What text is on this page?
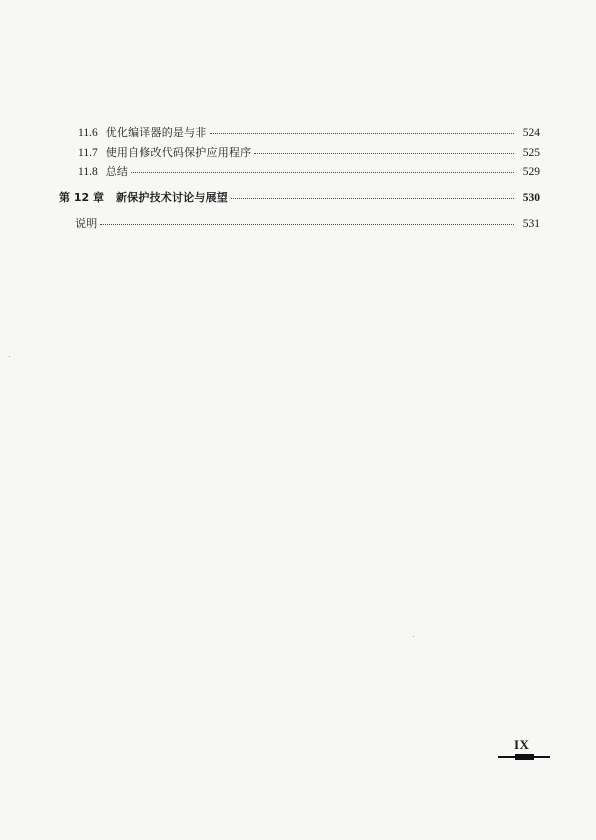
11.6 优化编译器的是与非	524
11.7 使用自修改代码保护应用程序	525
11.8 总结	529
第 12 章 新保护技术讨论与展望	530
说明	531
IX
